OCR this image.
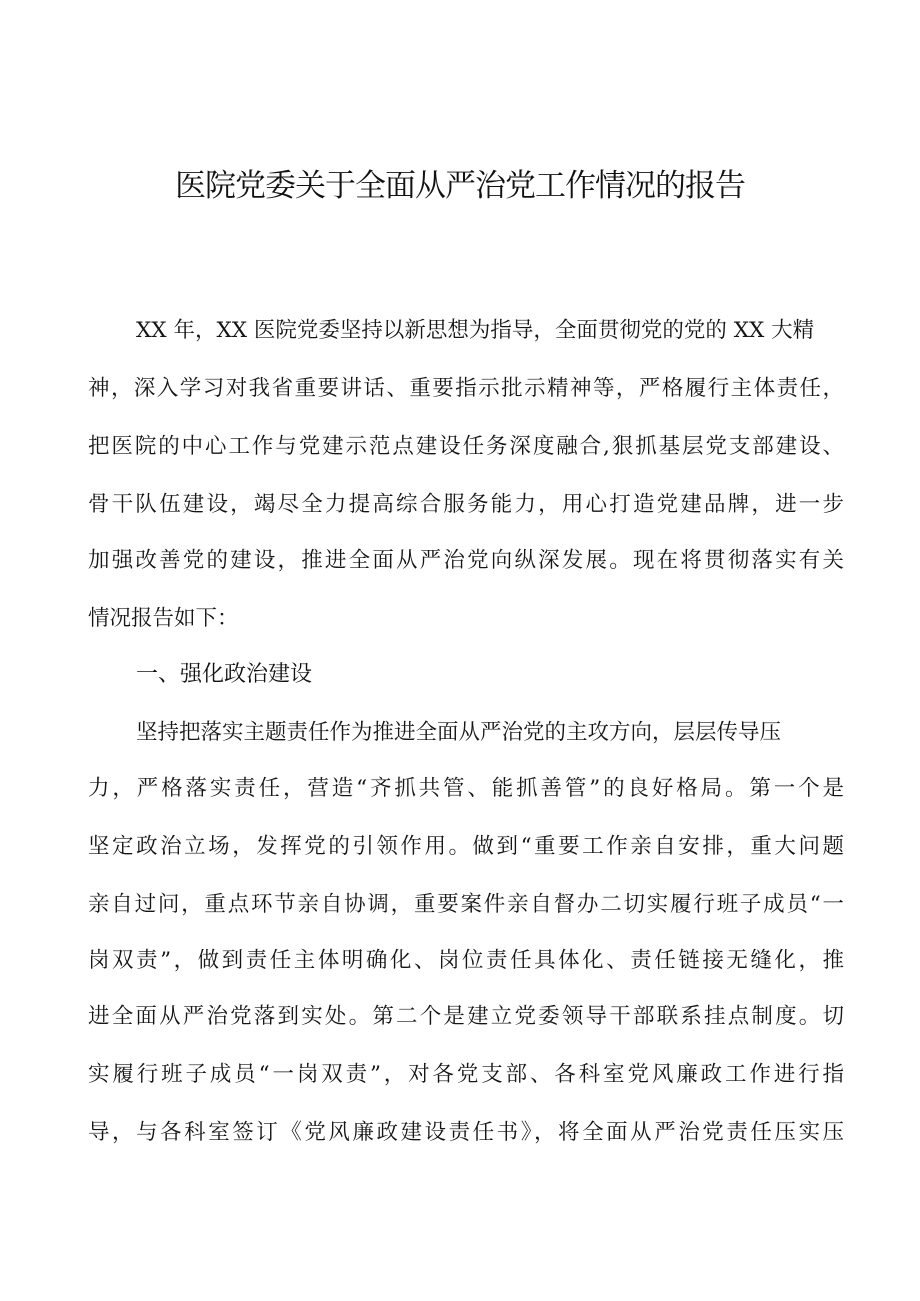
医院党委关于全面从严治党工作情况的报告
XX 年，XX 医院党委坚持以新思想为指导，全面贯彻党的党的 XX 大精
神，深入学习对我省重要讲话、重要指示批示精神等，严格履行主体责任，
把医院的中心工作与党建示范点建设任务深度融合,狠抓基层党支部建设、
骨干队伍建设，竭尽全力提高综合服务能力，用心打造党建品牌，进一步
加强改善党的建设，推进全面从严治党向纵深发展。现在将贯彻落实有关
情况报告如下：
一、强化政治建设
坚持把落实主题责任作为推进全面从严治党的主攻方向，层层传导压
力，严格落实责任，营造“齐抓共管、能抓善管”的良好格局。第一个是
坚定政治立场，发挥党的引领作用。做到“重要工作亲自安排，重大问题
亲自过问，重点环节亲自协调，重要案件亲自督办二切实履行班子成员“一
岗双责”，做到责任主体明确化、岗位责任具体化、责任链接无缝化，推
进全面从严治党落到实处。第二个是建立党委领导干部联系挂点制度。切
实履行班子成员“一岗双责”，对各党支部、各科室党风廉政工作进行指
导，与各科室签订《党风廉政建设责任书》，将全面从严治党责任压实压
